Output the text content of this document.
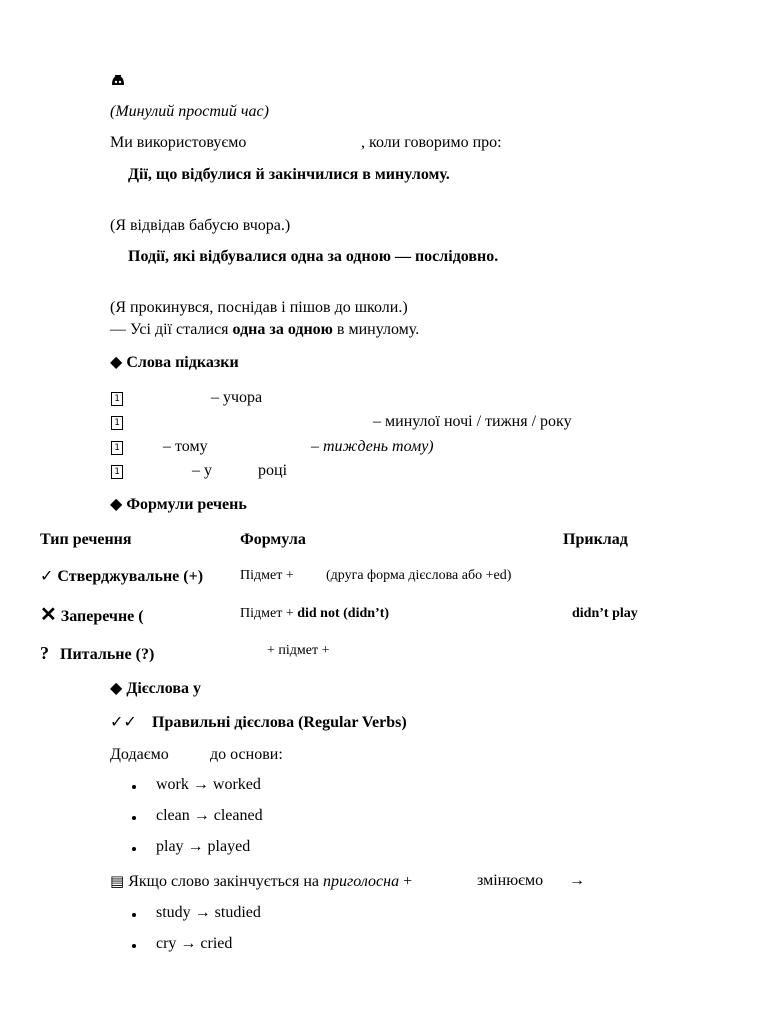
(Минулий простий час)
Ми використовуємо	, коли говоримо про:
Дії, що відбулися й закінчилися в минулому.
(Я відвідав бабусю вчора.)
Події, які відбувалися одна за одною — послідовно.
(Я прокинувся, поснідав і пішов до школи.)
— Усі дії сталися одна за одною в минулому.
◆ Слова підказки
1	– учора
1	– минулої ночі / тижня / року
1	– тому	– тиждень тому)
1	– у	році
◆ Формули речень
Тип речення	Формула	Приклад
✓ Стверджувальне (+)	Підмет + (друга форма дієслова або +ed)
✕ Заперечне (	Підмет + did not (didn’t)	didn’t play
? Питальне (?)	+ підмет +
◆ Дієслова у
✓✓ Правильні дієслова (Regular Verbs)
Додаємо	до основи:
work → worked
clean → cleaned
play → played
▤ Якщо слово закінчується на приголосна +	змінюємо →
study → studied
cry → cried
